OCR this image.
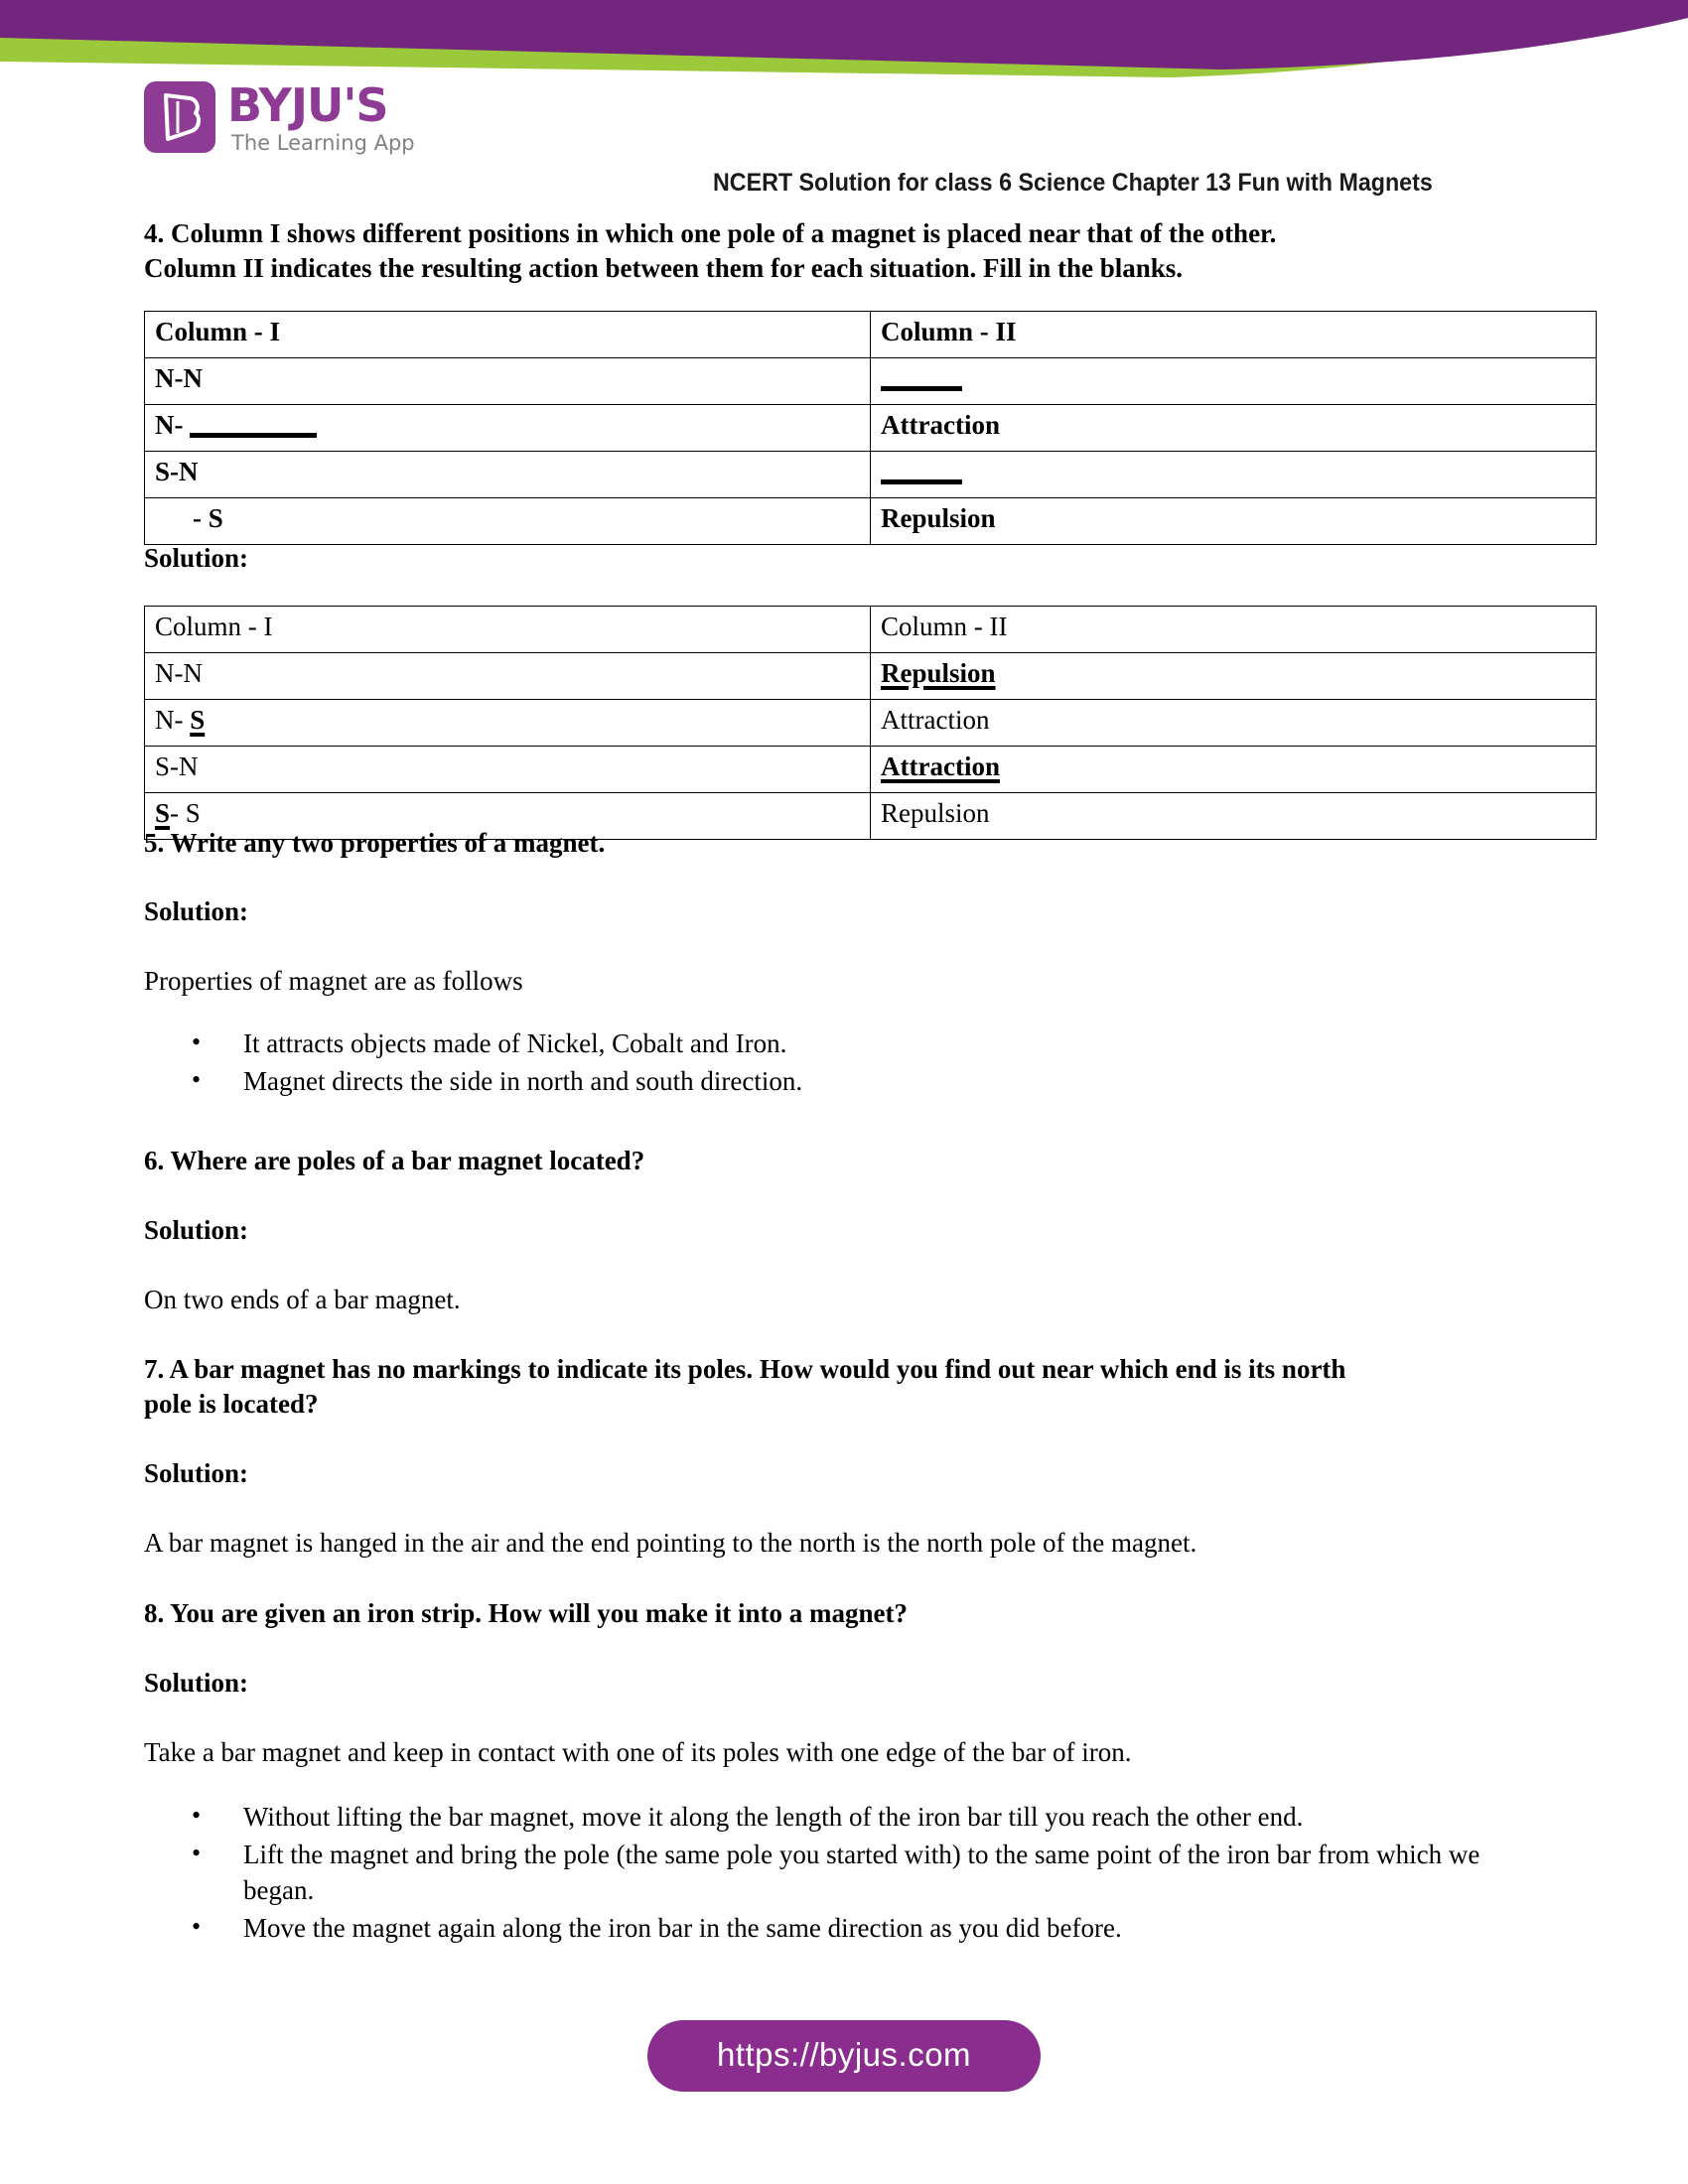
BYJU'S
The Learning App
NCERT Solution for class 6 Science Chapter 13 Fun with Magnets
4. Column I shows different positions in which one pole of a magnet is placed near that of the other.
Column II indicates the resulting action between them for each situation. Fill in the blanks.
Column - I	Column - II
N-N	
N-	Attraction
S-N	
- S	Repulsion
Solution:
Column - I	Column - II
N-N	Repulsion
N- S	Attraction
S-N	Attraction
S- S	Repulsion
5. Write any two properties of a magnet.
Solution:
Properties of magnet are as follows
• It attracts objects made of Nickel, Cobalt and Iron.
• Magnet directs the side in north and south direction.
6. Where are poles of a bar magnet located?
Solution:
On two ends of a bar magnet.
7. A bar magnet has no markings to indicate its poles. How would you find out near which end is its north
pole is located?
Solution:
A bar magnet is hanged in the air and the end pointing to the north is the north pole of the magnet.
8. You are given an iron strip. How will you make it into a magnet?
Solution:
Take a bar magnet and keep in contact with one of its poles with one edge of the bar of iron.
• Without lifting the bar magnet, move it along the length of the iron bar till you reach the other end.
• Lift the magnet and bring the pole (the same pole you started with) to the same point of the iron bar from which we began.
• Move the magnet again along the iron bar in the same direction as you did before.
https://byjus.com
